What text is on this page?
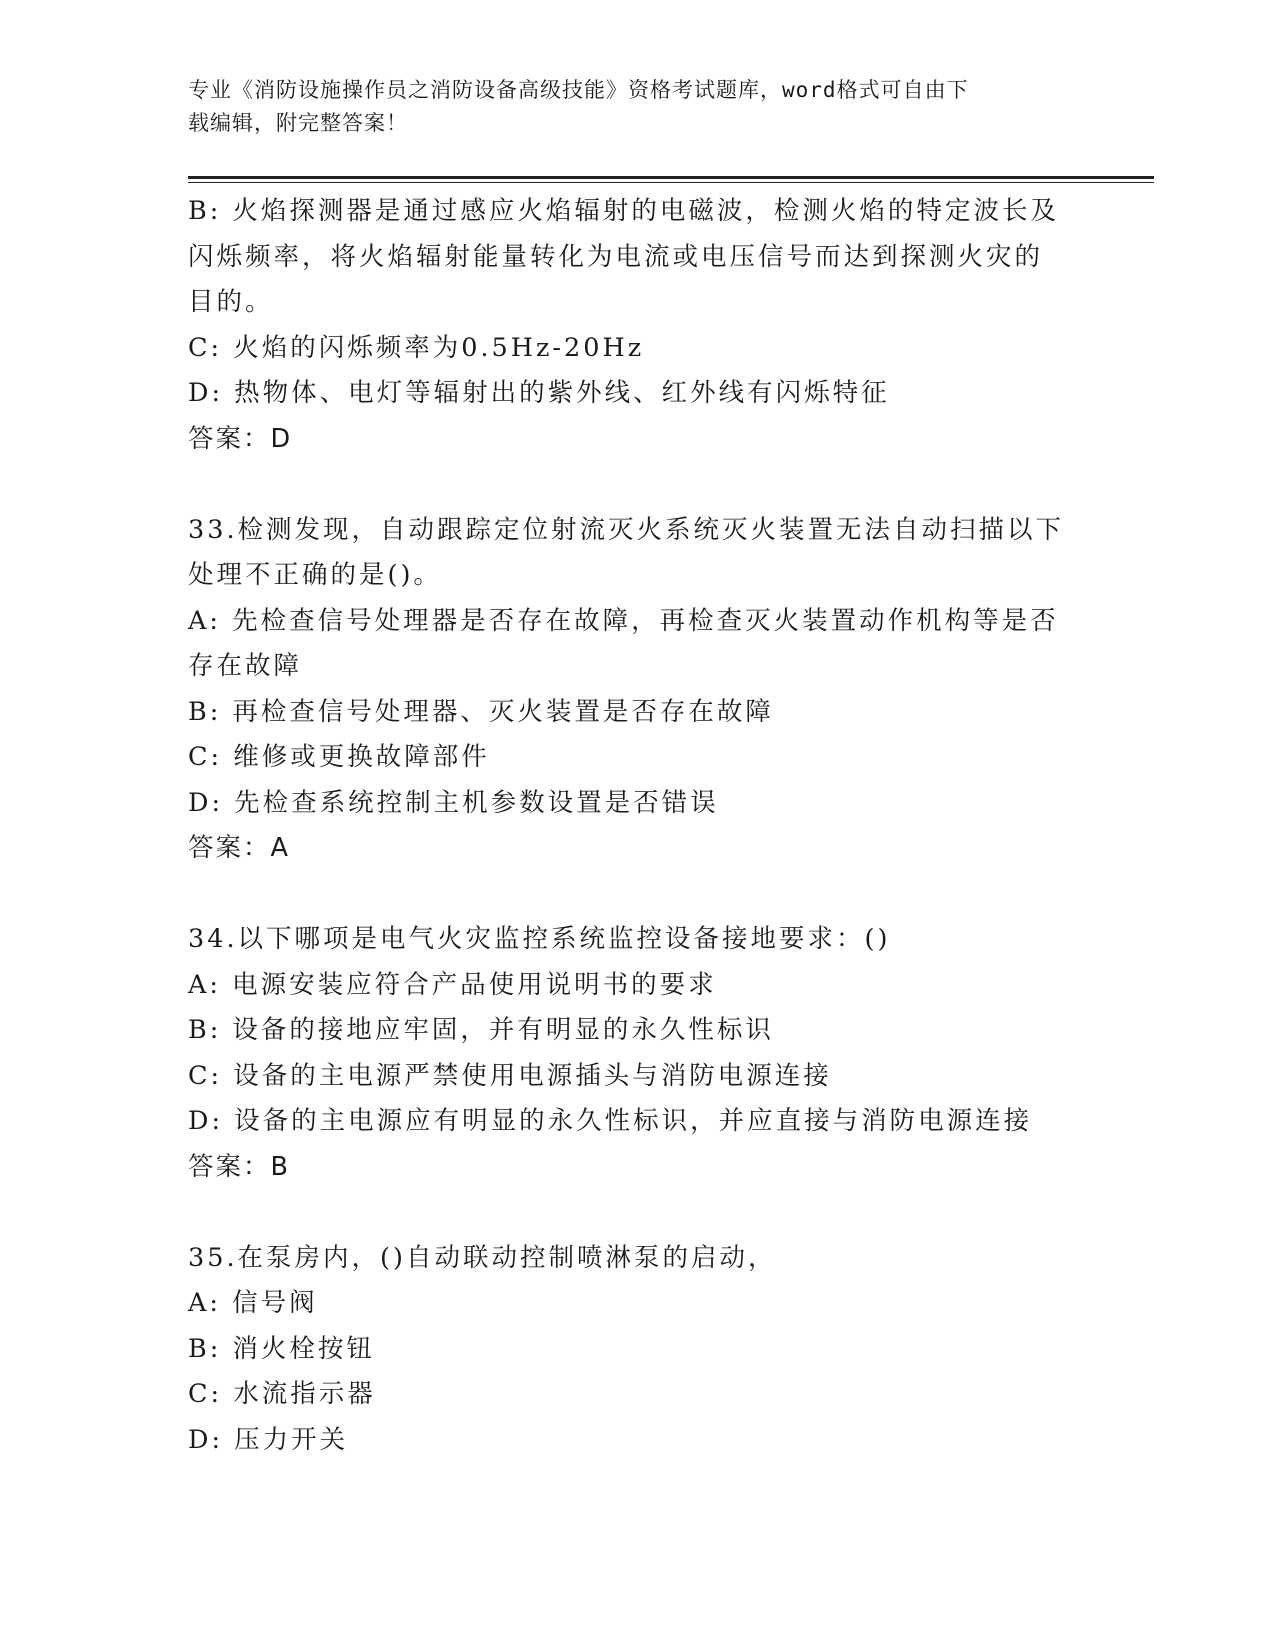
专业《消防设施操作员之消防设备高级技能》资格考试题库，word格式可自由下
载编辑，附完整答案！
B: 火焰探测器是通过感应火焰辐射的电磁波，检测火焰的特定波长及
闪烁频率，将火焰辐射能量转化为电流或电压信号而达到探测火灾的
目的。
C: 火焰的闪烁频率为0.5Hz-20Hz
D: 热物体、电灯等辐射出的紫外线、红外线有闪烁特征
答案：D
33.检测发现，自动跟踪定位射流灭火系统灭火装置无法自动扫描以下
处理不正确的是()。
A: 先检查信号处理器是否存在故障，再检查灭火装置动作机构等是否
存在故障
B: 再检查信号处理器、灭火装置是否存在故障
C: 维修或更换故障部件
D: 先检查系统控制主机参数设置是否错误
答案：A
34.以下哪项是电气火灾监控系统监控设备接地要求：()
A: 电源安装应符合产品使用说明书的要求
B: 设备的接地应牢固，并有明显的永久性标识
C: 设备的主电源严禁使用电源插头与消防电源连接
D: 设备的主电源应有明显的永久性标识，并应直接与消防电源连接
答案：B
35.在泵房内，()自动联动控制喷淋泵的启动，
A: 信号阀
B: 消火栓按钮
C: 水流指示器
D: 压力开关
